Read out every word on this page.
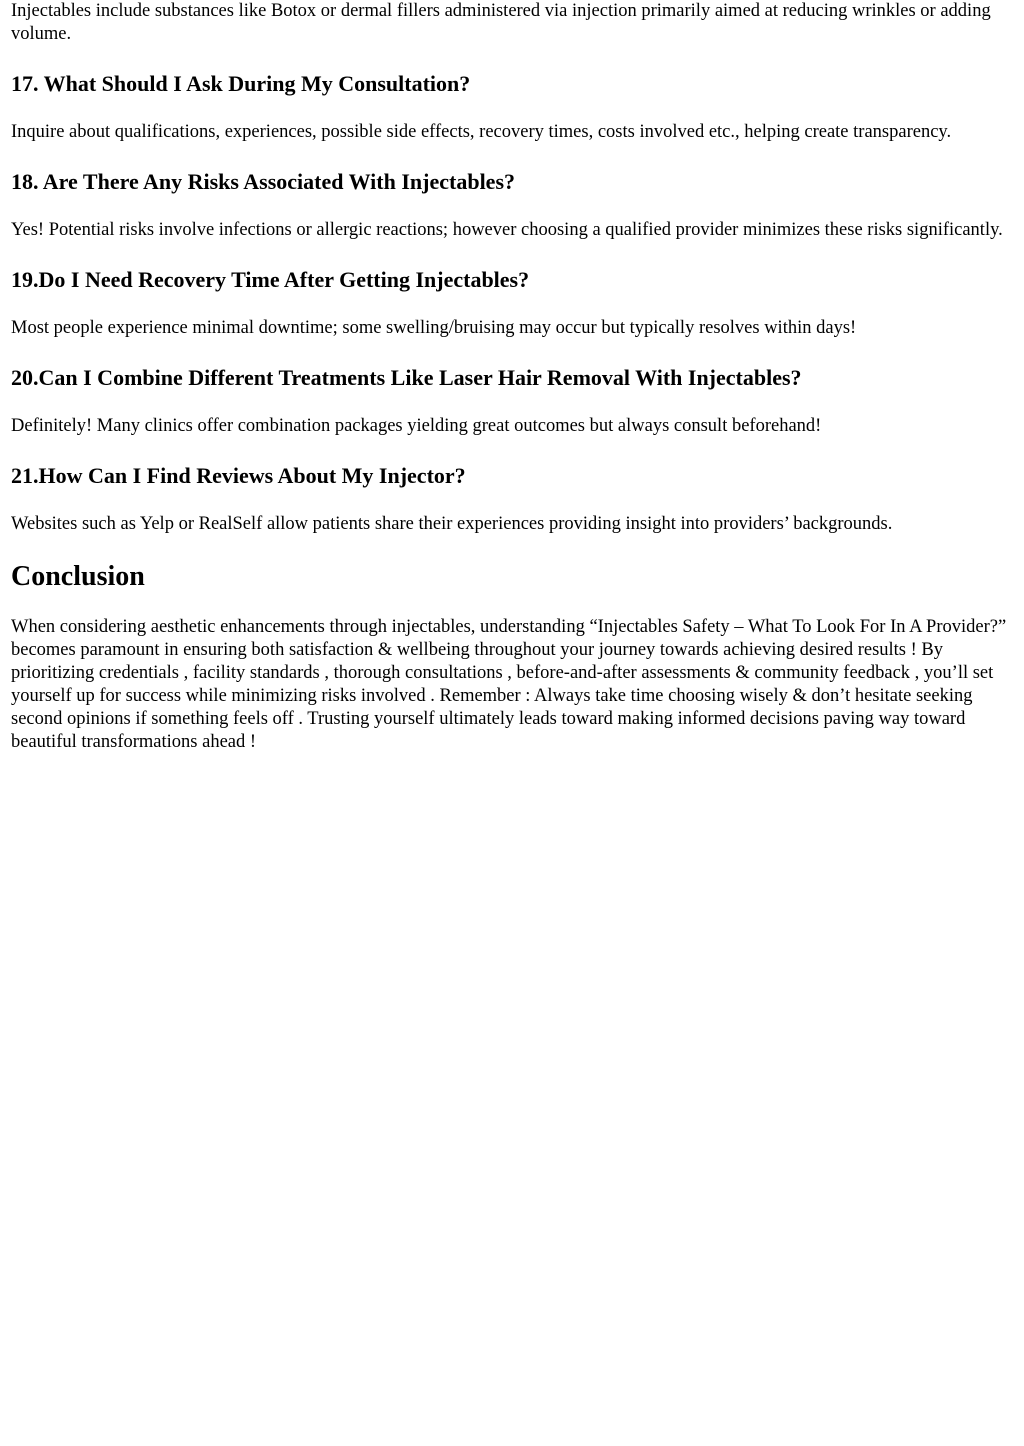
Injectables include substances like Botox or dermal fillers administered via injection primarily aimed at reducing wrinkles or adding volume.

17. What Should I Ask During My Consultation?

Inquire about qualifications, experiences, possible side effects, recovery times, costs involved etc., helping create transparency.

18. Are There Any Risks Associated With Injectables?

Yes! Potential risks involve infections or allergic reactions; however choosing a qualified provider minimizes these risks significantly.

19.Do I Need Recovery Time After Getting Injectables?

Most people experience minimal downtime; some swelling/bruising may occur but typically resolves within days!

20.Can I Combine Different Treatments Like Laser Hair Removal With Injectables?

Definitely! Many clinics offer combination packages yielding great outcomes but always consult beforehand!

21.How Can I Find Reviews About My Injector?

Websites such as Yelp or RealSelf allow patients share their experiences providing insight into providers’ backgrounds.

Conclusion

When considering aesthetic enhancements through injectables, understanding “Injectables Safety – What To Look For In A Provider?” becomes paramount in ensuring both satisfaction & wellbeing throughout your journey towards achieving desired results ! By prioritizing credentials , facility standards , thorough consultations , before-and-after assessments & community feedback , you’ll set yourself up for success while minimizing risks involved . Remember : Always take time choosing wisely & don’t hesitate seeking second opinions if something feels off . Trusting yourself ultimately leads toward making informed decisions paving way toward beautiful transformations ahead !
